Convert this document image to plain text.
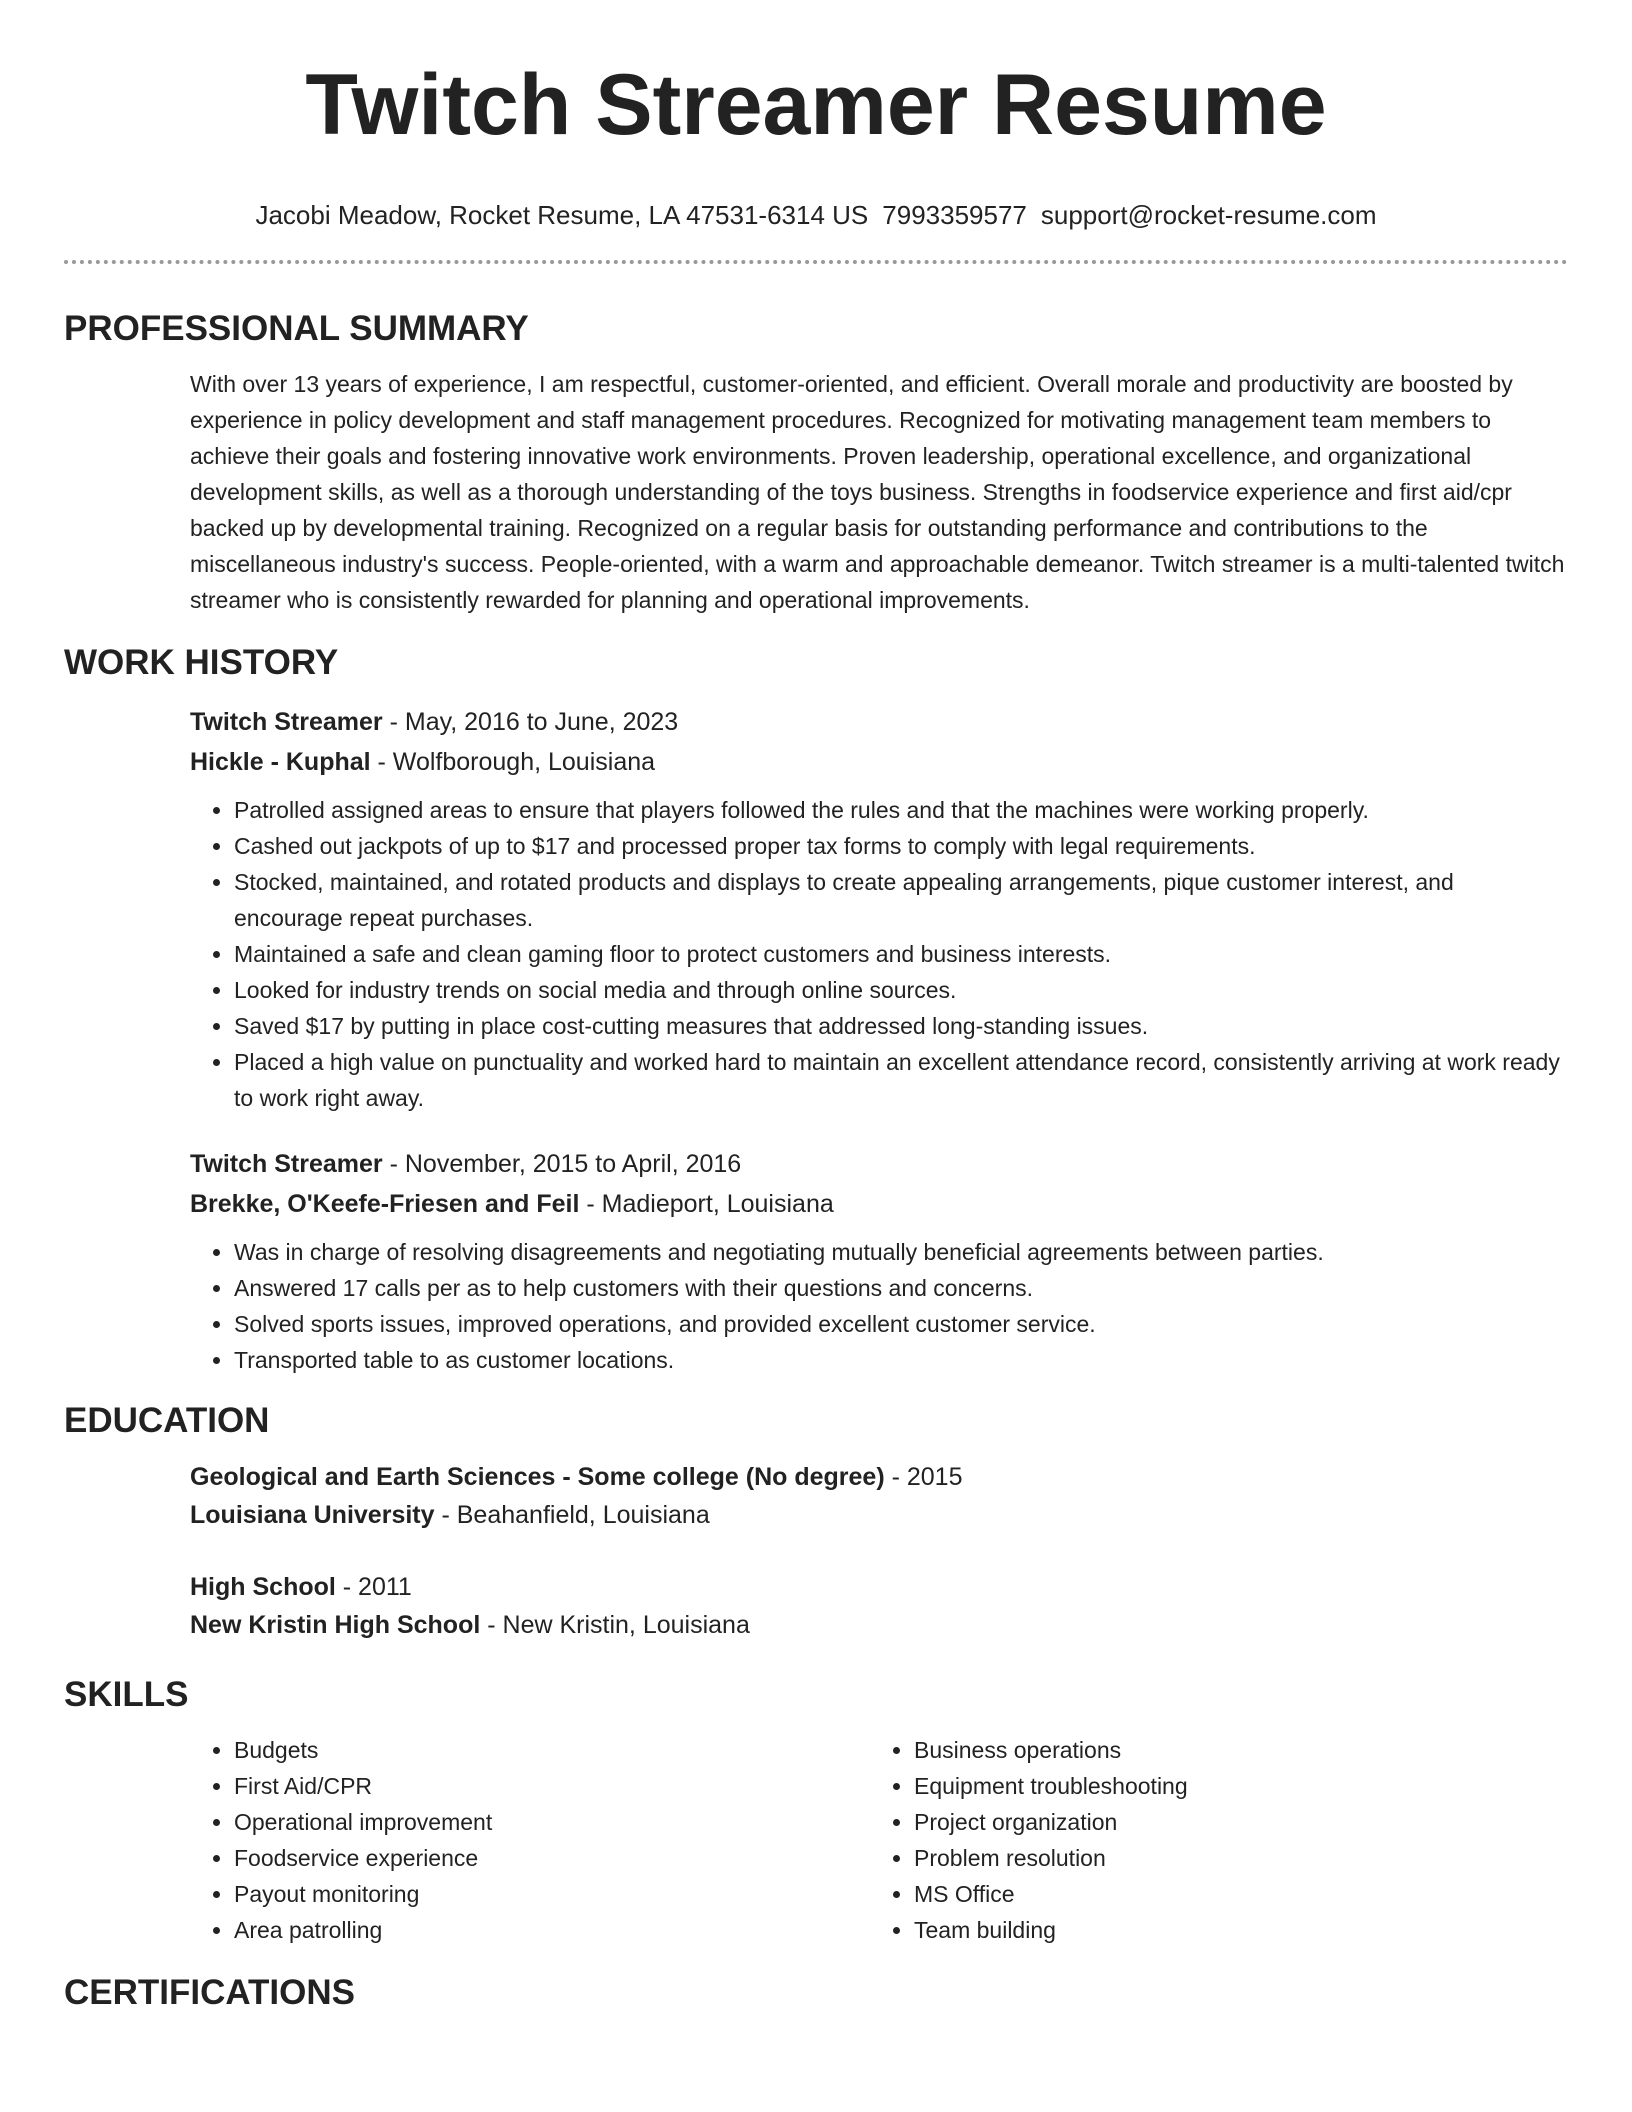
Twitch Streamer Resume
Jacobi Meadow, Rocket Resume, LA 47531-6314 US 7993359577 support@rocket-resume.com
PROFESSIONAL SUMMARY

With over 13 years of experience, I am respectful, customer-oriented, and efficient. Overall morale and productivity are boosted by experience in policy development and staff management procedures. Recognized for motivating management team members to achieve their goals and fostering innovative work environments. Proven leadership, operational excellence, and organizational development skills, as well as a thorough understanding of the toys business. Strengths in foodservice experience and first aid/cpr backed up by developmental training. Recognized on a regular basis for outstanding performance and contributions to the miscellaneous industry's success. People-oriented, with a warm and approachable demeanor. Twitch streamer is a multi-talented twitch streamer who is consistently rewarded for planning and operational improvements.

WORK HISTORY
Twitch Streamer - May, 2016 to June, 2023
Hickle - Kuphal - Wolfborough, Louisiana
• Patrolled assigned areas to ensure that players followed the rules and that the machines were working properly.
• Cashed out jackpots of up to $17 and processed proper tax forms to comply with legal requirements.
• Stocked, maintained, and rotated products and displays to create appealing arrangements, pique customer interest, and encourage repeat purchases.
• Maintained a safe and clean gaming floor to protect customers and business interests.
• Looked for industry trends on social media and through online sources.
• Saved $17 by putting in place cost-cutting measures that addressed long-standing issues.
• Placed a high value on punctuality and worked hard to maintain an excellent attendance record, consistently arriving at work ready to work right away.
Twitch Streamer - November, 2015 to April, 2016
Brekke, O'Keefe-Friesen and Feil - Madieport, Louisiana
• Was in charge of resolving disagreements and negotiating mutually beneficial agreements between parties.
• Answered 17 calls per as to help customers with their questions and concerns.
• Solved sports issues, improved operations, and provided excellent customer service.
• Transported table to as customer locations.
EDUCATION
Geological and Earth Sciences - Some college (No degree) - 2015
Louisiana University - Beahanfield, Louisiana
High School - 2011
New Kristin High School - New Kristin, Louisiana
SKILLS
• Budgets
• First Aid/CPR
• Operational improvement
• Foodservice experience
• Payout monitoring
• Area patrolling
• Business operations
• Equipment troubleshooting
• Project organization
• Problem resolution
• MS Office
• Team building
CERTIFICATIONS
